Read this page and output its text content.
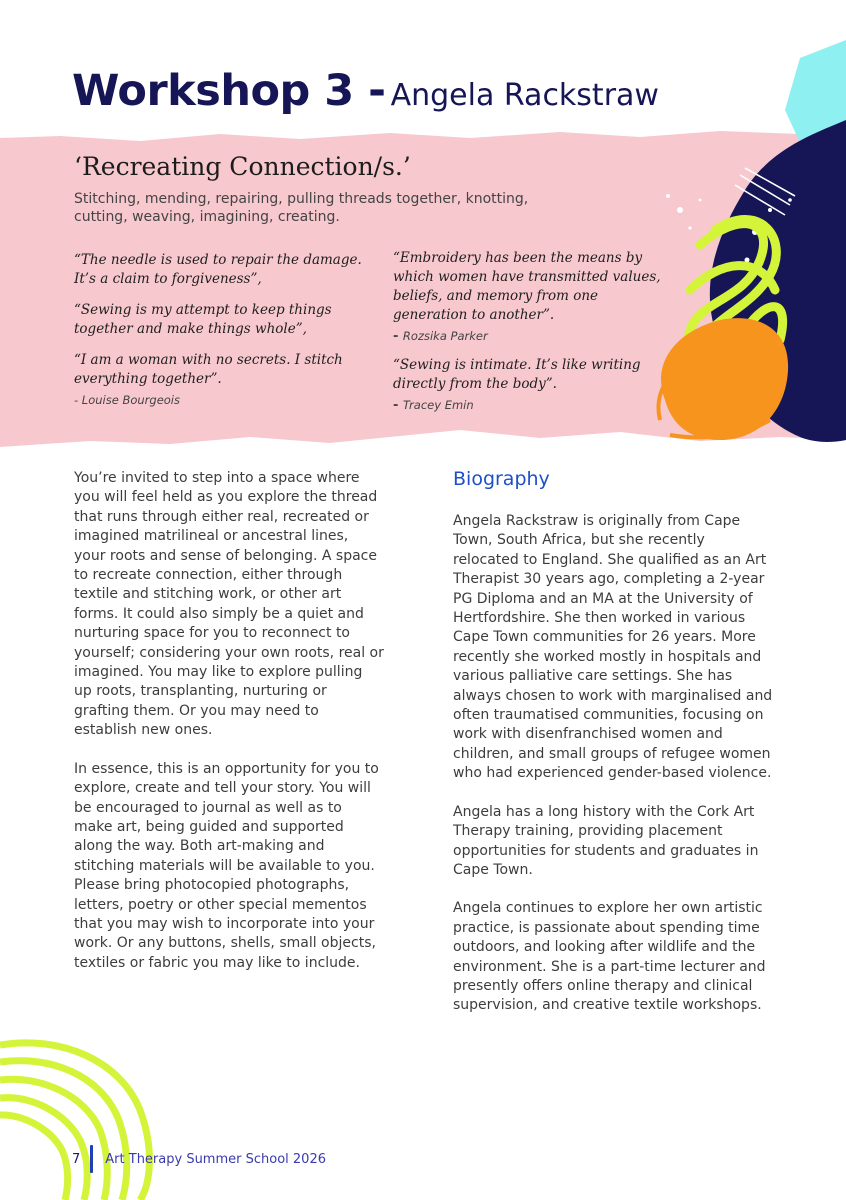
Workshop 3 - Angela Rackstraw
‘Recreating Connection/s.’
Stitching, mending, repairing, pulling threads together, knotting, cutting, weaving, imagining, creating.

“The needle is used to repair the damage. It’s a claim to forgiveness”,

“Sewing is my attempt to keep things together and make things whole”,

“I am a woman with no secrets. I stitch everything together”.

- Louise Bourgeois

“Embroidery has been the means by which women have transmitted values, beliefs, and memory from one generation to another”.

- Rozsika Parker

“Sewing is intimate. It’s like writing directly from the body”.

- Tracey Emin

You’re invited to step into a space where you will feel held as you explore the thread that runs through either real, recreated or imagined matrilineal or ancestral lines, your roots and sense of belonging. A space to recreate connection, either through textile and stitching work, or other art forms. It could also simply be a quiet and nurturing space for you to reconnect to yourself; considering your own roots, real or imagined. You may like to explore pulling up roots, transplanting, nurturing or grafting them. Or you may need to establish new ones.

In essence, this is an opportunity for you to explore, create and tell your story. You will be encouraged to journal as well as to make art, being guided and supported along the way. Both art-making and stitching materials will be available to you. Please bring photocopied photographs, letters, poetry or other special mementos that you may wish to incorporate into your work. Or any buttons, shells, small objects, textiles or fabric you may like to include.

Biography

Angela Rackstraw is originally from Cape Town, South Africa, but she recently relocated to England. She qualified as an Art Therapist 30 years ago, completing a 2-year PG Diploma and an MA at the University of Hertfordshire. She then worked in various Cape Town communities for 26 years. More recently she worked mostly in hospitals and various palliative care settings. She has always chosen to work with marginalised and often traumatised communities, focusing on work with disenfranchised women and children, and small groups of refugee women who had experienced gender-based violence.

Angela has a long history with the Cork Art Therapy training, providing placement opportunities for students and graduates in Cape Town.

Angela continues to explore her own artistic practice, is passionate about spending time outdoors, and looking after wildlife and the environment. She is a part-time lecturer and presently offers online therapy and clinical supervision, and creative textile workshops.

7 Art Therapy Summer School 2026
